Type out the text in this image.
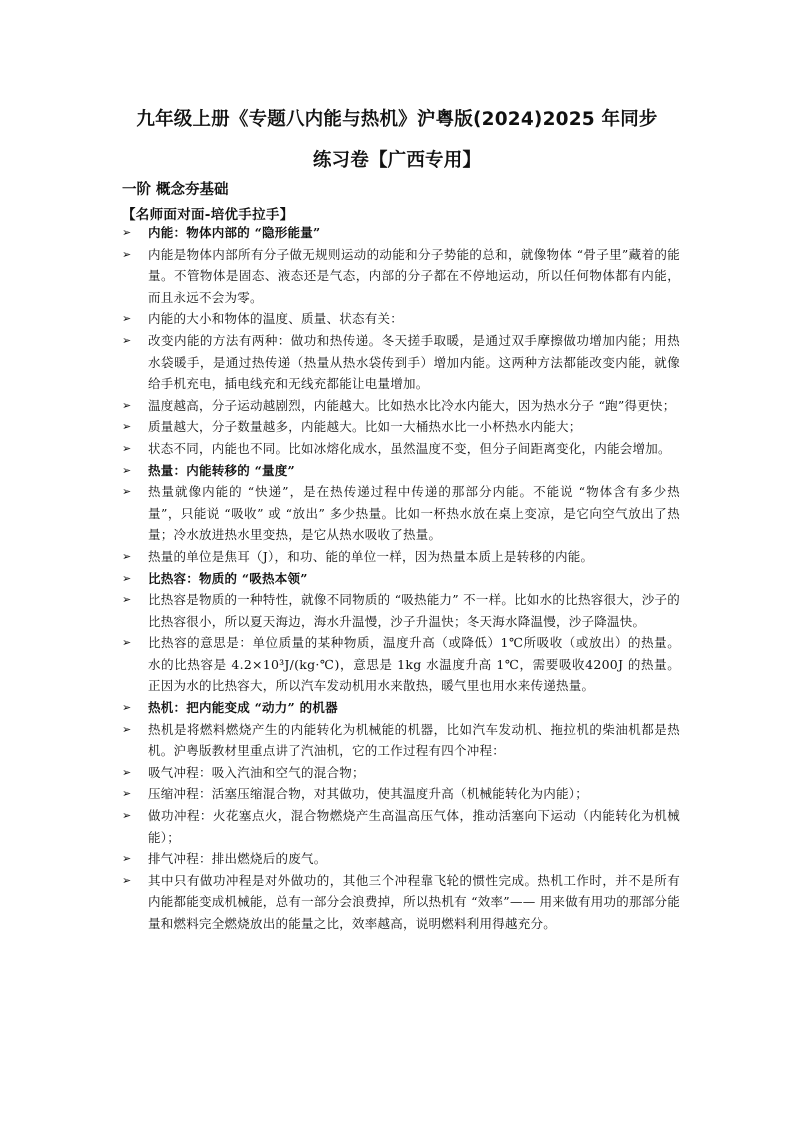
九年级上册《专题八内能与热机》沪粤版(2024)2025 年同步
练习卷【广西专用】
一阶 概念夯基础
【名师面对面-培优手拉手】
➢ 内能：物体内部的 “隐形能量”
➢ 内能是物体内部所有分子做无规则运动的动能和分子势能的总和，就像物体 “骨子里”藏着的能量。不管物体是固态、液态还是气态，内部的分子都在不停地运动，所以任何物体都有内能，而且永远不会为零。
➢ 内能的大小和物体的温度、质量、状态有关：
➢ 改变内能的方法有两种：做功和热传递。冬天搓手取暖，是通过双手摩擦做功增加内能；用热水袋暖手，是通过热传递（热量从热水袋传到手）增加内能。这两种方法都能改变内能，就像给手机充电，插电线充和无线充都能让电量增加。
➢ 温度越高，分子运动越剧烈，内能越大。比如热水比冷水内能大，因为热水分子 “跑”得更快；
➢ 质量越大，分子数量越多，内能越大。比如一大桶热水比一小杯热水内能大；
➢ 状态不同，内能也不同。比如冰熔化成水，虽然温度不变，但分子间距离变化，内能会增加。
➢ 热量：内能转移的 “量度”
➢ 热量就像内能的 “快递”，是在热传递过程中传递的那部分内能。不能说 “物体含有多少热量”，只能说 “吸收” 或 “放出” 多少热量。比如一杯热水放在桌上变凉，是它向空气放出了热量；冷水放进热水里变热，是它从热水吸收了热量。
➢ 热量的单位是焦耳（J），和功、能的单位一样，因为热量本质上是转移的内能。
➢ 比热容：物质的 “吸热本领”
➢ 比热容是物质的一种特性，就像不同物质的 “吸热能力” 不一样。比如水的比热容很大，沙子的比热容很小，所以夏天海边，海水升温慢，沙子升温快；冬天海水降温慢，沙子降温快。
➢ 比热容的意思是：单位质量的某种物质，温度升高（或降低）1℃所吸收（或放出）的热量。水的比热容是 4.2×10³J/(kg·℃)，意思是 1kg 水温度升高 1℃，需要吸收4200J 的热量。正因为水的比热容大，所以汽车发动机用水来散热，暖气里也用水来传递热量。
➢ 热机：把内能变成 “动力” 的机器
➢ 热机是将燃料燃烧产生的内能转化为机械能的机器，比如汽车发动机、拖拉机的柴油机都是热机。沪粤版教材里重点讲了汽油机，它的工作过程有四个冲程：
➢ 吸气冲程：吸入汽油和空气的混合物；
➢ 压缩冲程：活塞压缩混合物，对其做功，使其温度升高（机械能转化为内能）；
➢ 做功冲程：火花塞点火，混合物燃烧产生高温高压气体，推动活塞向下运动（内能转化为机械能）；
➢ 排气冲程：排出燃烧后的废气。
➢ 其中只有做功冲程是对外做功的，其他三个冲程靠飞轮的惯性完成。热机工作时，并不是所有内能都能变成机械能，总有一部分会浪费掉，所以热机有 “效率”—— 用来做有用功的那部分能量和燃料完全燃烧放出的能量之比，效率越高，说明燃料利用得越充分。
